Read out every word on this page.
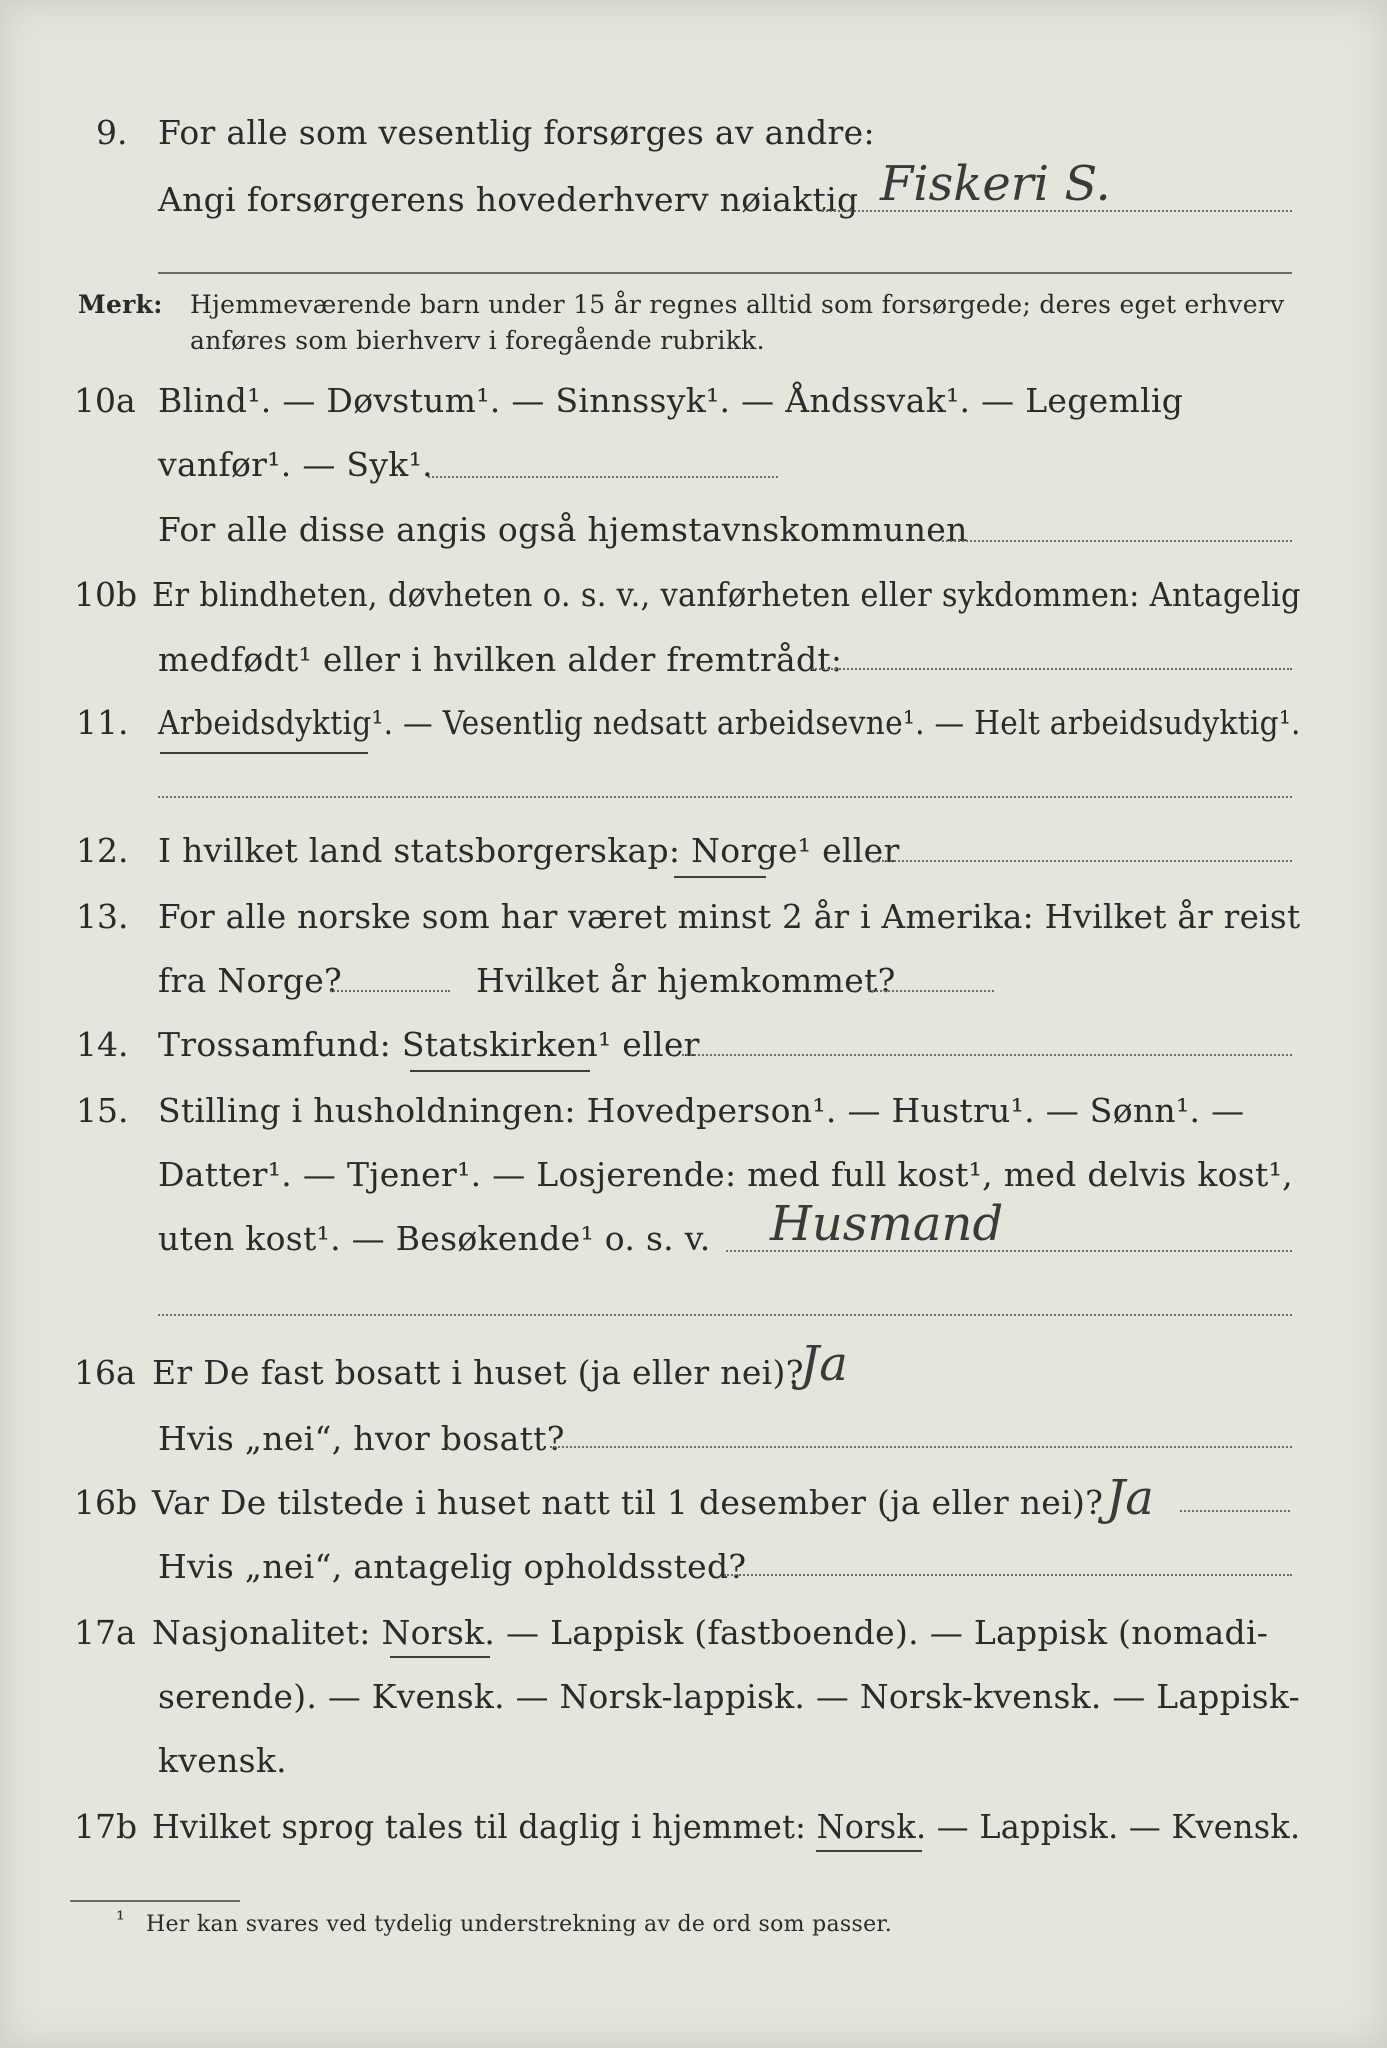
9. For alle som vesentlig forsørges av andre:
Angi forsørgerens hovederhverv nøiaktig Fiskeri S.
Merk: Hjemmeværende barn under 15 år regnes alltid som forsørgede; deres eget erhverv
anføres som bierhverv i foregående rubrikk.
10a Blind¹. — Døvstum¹. — Sinnssyk¹. — Åndssvak¹. — Legemlig
vanfør¹. — Syk¹.
For alle disse angis også hjemstavnskommunen
10b Er blindheten, døvheten o. s. v., vanførheten eller sykdommen: Antagelig
medfødt¹ eller i hvilken alder fremtrådt:
11. Arbeidsdyktig¹. — Vesentlig nedsatt arbeidsevne¹. — Helt arbeidsudyktig¹.
12. I hvilket land statsborgerskap: Norge¹ eller
13. For alle norske som har været minst 2 år i Amerika: Hvilket år reist
fra Norge?	Hvilket år hjemkommet?
14. Trossamfund: Statskirken¹ eller
15. Stilling i husholdningen: Hovedperson¹. — Hustru¹. — Sønn¹. —
Datter¹. — Tjener¹. — Losjerende: med full kost¹, med delvis kost¹,
uten kost¹. — Besøkende¹ o. s. v. Husmand
16a Er De fast bosatt i huset (ja eller nei)?
Ja
Hvis „nei“, hvor bosatt?
16b Var De tilstede i huset natt til 1 desember (ja eller nei)? Ja
Hvis „nei“, antagelig opholdssted?
17a Nasjonalitet: Norsk. — Lappisk (fastboende). — Lappisk (nomadi-
serende). — Kvensk. — Norsk-lappisk. — Norsk-kvensk. — Lappisk-
kvensk.
17b Hvilket sprog tales til daglig i hjemmet: Norsk. — Lappisk. — Kvensk.
¹ Her kan svares ved tydelig understrekning av de ord som passer.
